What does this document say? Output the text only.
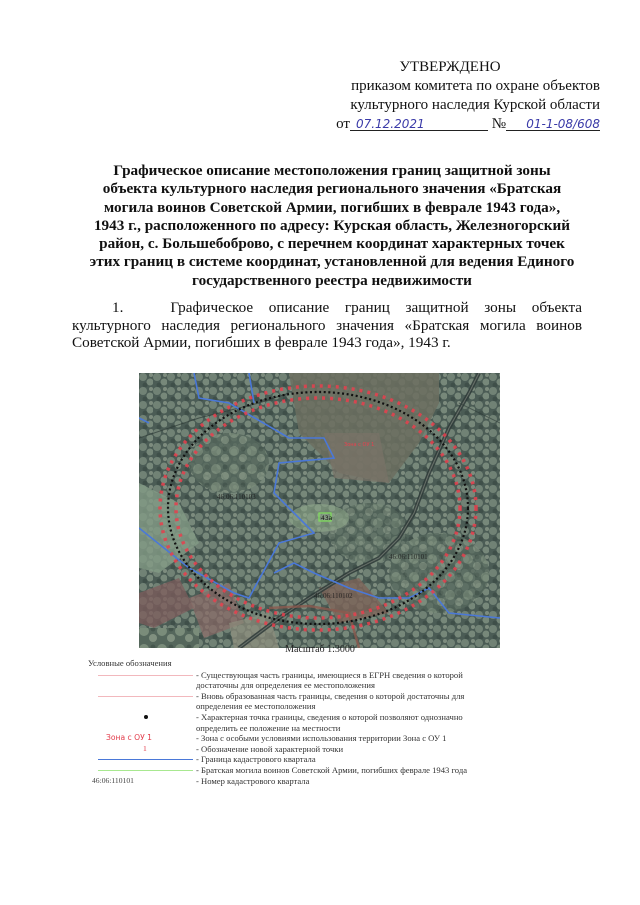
УТВЕРЖДЕНО
приказом комитета по охране объектов
культурного наследия Курской области
от 07.12.2021	№ 01-1-08/608
Графическое описание местоположения границ защитной зоны
объекта культурного наследия регионального значения «Братская
могила воинов Советской Армии, погибших в феврале 1943 года»,
1943 г., расположенного по адресу: Курская область, Железногорский
район, с. Большебоброво, с перечнем координат характерных точек
этих границ в системе координат, установленной для ведения Единого
государственного реестра недвижимости
1.	Графическое описание границ защитной зоны объекта
культурного наследия регионального значения «Братская могила воинов Советской Армии, погибших в феврале 1943 года», 1943 г.
43а
46:06:110103
46:06:110101
46:06:110102
Зона с ОУ 1
Масштаб 1:3000
Условные обозначения
- Существующая часть границы, имеющиеся в ЕГРН сведения о которой
достаточны для определения ее местоположения
- Вновь образованная часть границы, сведения о которой достаточны для
определения ее местоположения
- Характерная точка границы, сведения о которой позволяют однозначно
определить ее положение на местности
Зона с ОУ 1	- Зона с особыми условиями использования территории Зона с ОУ 1
1	- Обозначение новой характерной точки
- Граница кадастрового квартала
- Братская могила воинов Советской Армии, погибших феврале 1943 года
46:06:110101	- Номер кадастрового квартала
